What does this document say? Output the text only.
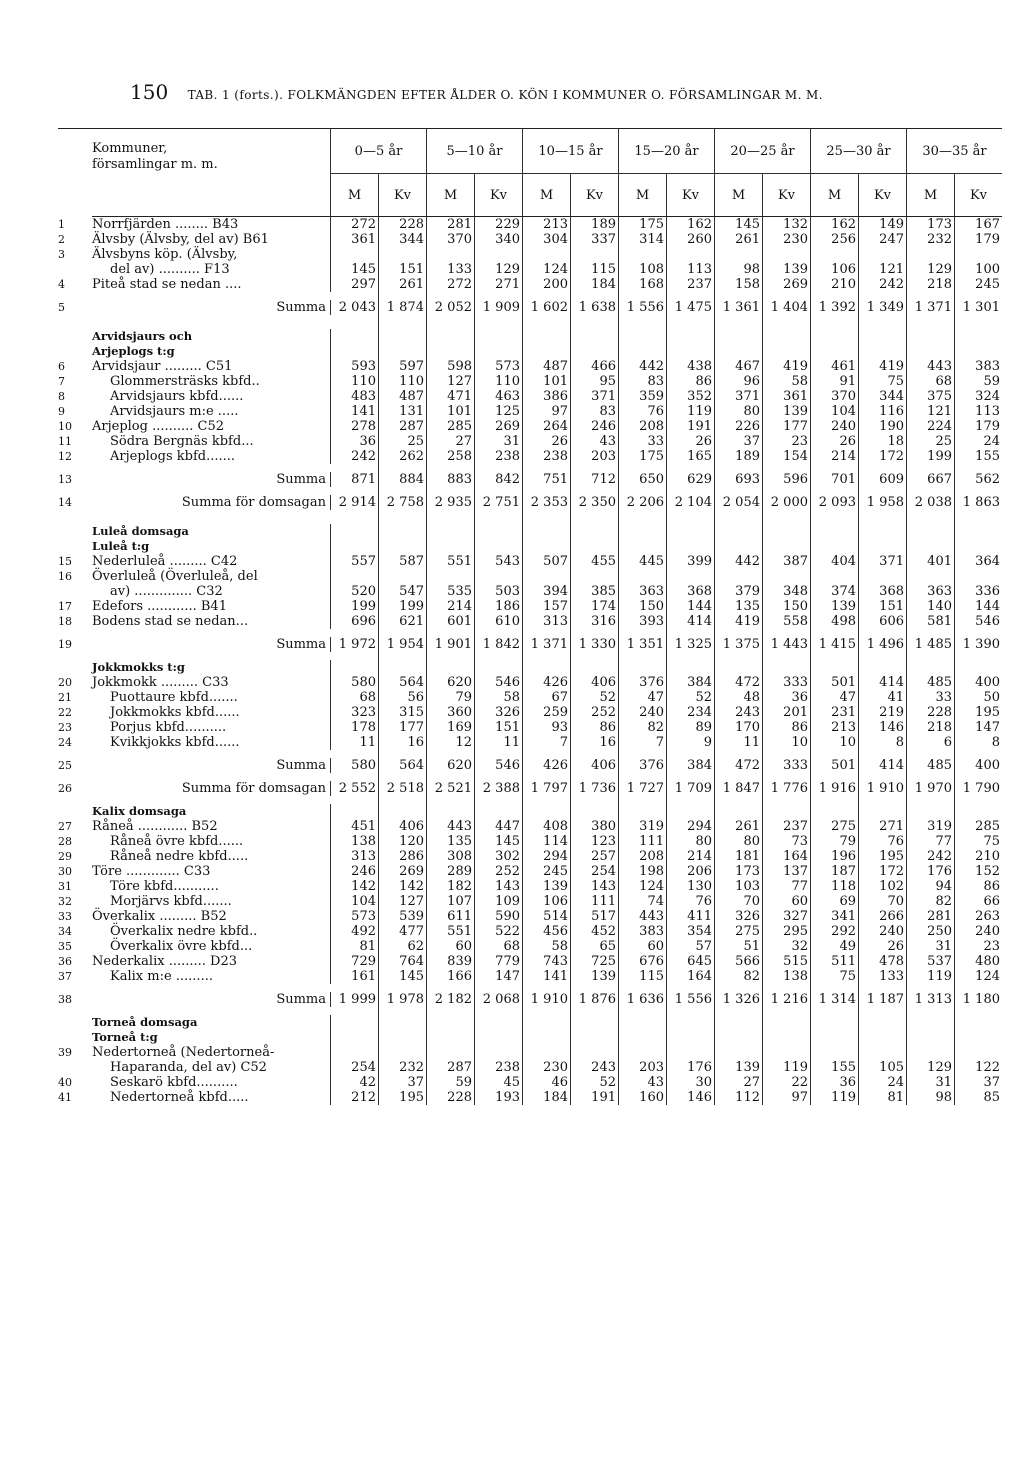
150 TAB. 1 (forts.). FOLKMÄNGDEN EFTER ÅLDER O. KÖN I KOMMUNER O. FÖRSAMLINGAR M. M.

	Kommuner,
församlingar m. m.	0—5 år		5—10 år		10—15 år		15—20 år		20—25 år		25—30 år		30—35 år	
		M	Kv	M	Kv	M	Kv	M	Kv	M	Kv	M	Kv	M	Kv
1	Norrfjärden ........ B43	272	228	281	229	213	189	175	162	145	132	162	149	173	167
2	Älvsby (Älvsby, del av) B61	361	344	370	340	304	337	314	260	261	230	256	247	232	179
3	Älvsbyns köp. (Älvsby,														
	del av) .......... F13	145	151	133	129	124	115	108	113	98	139	106	121	129	100
4	Piteå stad se nedan ....	297	261	272	271	200	184	168	237	158	269	210	242	218	245

5	Summa	2 043	1 874	2 052	1 909	1 602	1 638	1 556	1 475	1 361	1 404	1 392	1 349	1 371	1 301

	Arvidsjaurs och														
	Arjeplogs t:g														
6	Arvidsjaur ......... C51	593	597	598	573	487	466	442	438	467	419	461	419	443	383
7	Glommersträsks kbfd..	110	110	127	110	101	95	83	86	96	58	91	75	68	59
8	Arvidsjaurs kbfd......	483	487	471	463	386	371	359	352	371	361	370	344	375	324
9	Arvidsjaurs m:e .....	141	131	101	125	97	83	76	119	80	139	104	116	121	113
10	Arjeplog .......... C52	278	287	285	269	264	246	208	191	226	177	240	190	224	179
11	Södra Bergnäs kbfd...	36	25	27	31	26	43	33	26	37	23	26	18	25	24
12	Arjeplogs kbfd.......	242	262	258	238	238	203	175	165	189	154	214	172	199	155

13	Summa	871	884	883	842	751	712	650	629	693	596	701	609	667	562

14	Summa för domsagan	2 914	2 758	2 935	2 751	2 353	2 350	2 206	2 104	2 054	2 000	2 093	1 958	2 038	1 863

	Luleå domsaga														
	Luleå t:g														
15	Nederluleå ......... C42	557	587	551	543	507	455	445	399	442	387	404	371	401	364
16	Överluleå (Överluleå, del														
	av) .............. C32	520	547	535	503	394	385	363	368	379	348	374	368	363	336
17	Edefors ............ B41	199	199	214	186	157	174	150	144	135	150	139	151	140	144
18	Bodens stad se nedan...	696	621	601	610	313	316	393	414	419	558	498	606	581	546

19	Summa	1 972	1 954	1 901	1 842	1 371	1 330	1 351	1 325	1 375	1 443	1 415	1 496	1 485	1 390

	Jokkmokks t:g														
20	Jokkmokk ......... C33	580	564	620	546	426	406	376	384	472	333	501	414	485	400
21	Puottaure kbfd.......	68	56	79	58	67	52	47	52	48	36	47	41	33	50
22	Jokkmokks kbfd......	323	315	360	326	259	252	240	234	243	201	231	219	228	195
23	Porjus kbfd..........	178	177	169	151	93	86	82	89	170	86	213	146	218	147
24	Kvikkjokks kbfd......	11	16	12	11	7	16	7	9	11	10	10	8	6	8

25	Summa	580	564	620	546	426	406	376	384	472	333	501	414	485	400

26	Summa för domsagan	2 552	2 518	2 521	2 388	1 797	1 736	1 727	1 709	1 847	1 776	1 916	1 910	1 970	1 790

	Kalix domsaga														
27	Råneå ............ B52	451	406	443	447	408	380	319	294	261	237	275	271	319	285
28	Råneå övre kbfd......	138	120	135	145	114	123	111	80	80	73	79	76	77	75
29	Råneå nedre kbfd.....	313	286	308	302	294	257	208	214	181	164	196	195	242	210
30	Töre ............. C33	246	269	289	252	245	254	198	206	173	137	187	172	176	152
31	Töre kbfd...........	142	142	182	143	139	143	124	130	103	77	118	102	94	86
32	Morjärvs kbfd.......	104	127	107	109	106	111	74	76	70	60	69	70	82	66
33	Överkalix ......... B52	573	539	611	590	514	517	443	411	326	327	341	266	281	263
34	Överkalix nedre kbfd..	492	477	551	522	456	452	383	354	275	295	292	240	250	240
35	Överkalix övre kbfd...	81	62	60	68	58	65	60	57	51	32	49	26	31	23
36	Nederkalix ......... D23	729	764	839	779	743	725	676	645	566	515	511	478	537	480
37	Kalix m:e .........	161	145	166	147	141	139	115	164	82	138	75	133	119	124

38	Summa	1 999	1 978	2 182	2 068	1 910	1 876	1 636	1 556	1 326	1 216	1 314	1 187	1 313	1 180

	Torneå domsaga														
	Torneå t:g														
39	Nedertorneå (Nedertorneå-														
	Haparanda, del av) C52	254	232	287	238	230	243	203	176	139	119	155	105	129	122
40	Seskarö kbfd..........	42	37	59	45	46	52	43	30	27	22	36	24	31	37
41	Nedertorneå kbfd.....	212	195	228	193	184	191	160	146	112	97	119	81	98	85
